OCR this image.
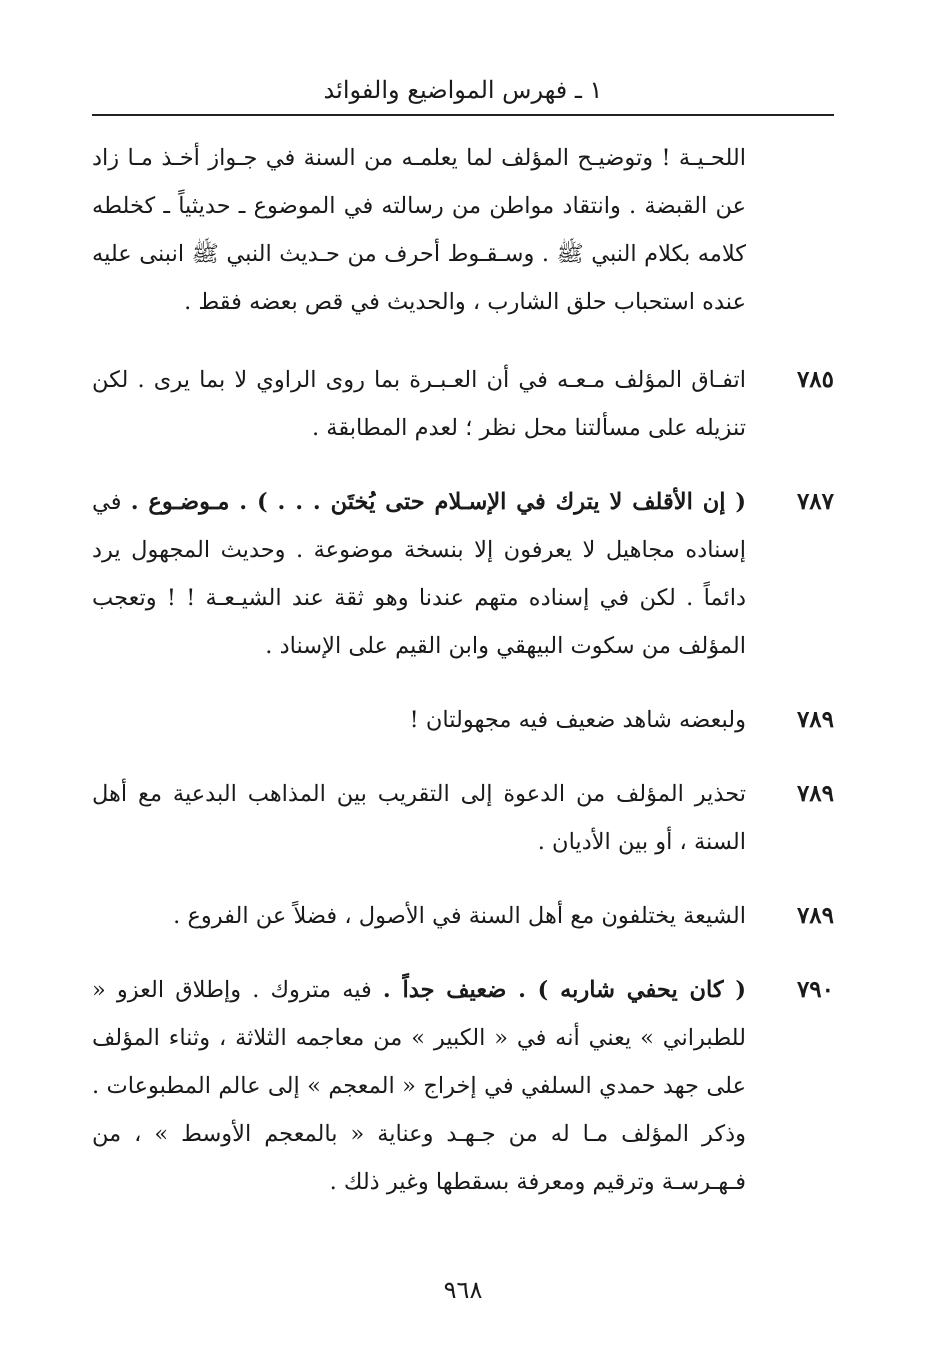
١ ـ فهرس المواضيع والفوائد
اللحـيـة ! وتوضيـح المؤلف لما يعلمـه من السنة في جـواز أخـذ مـا زاد عن القبضة . وانتقاد مواطن من رسالته في الموضوع ـ حديثياً ـ كخلطه كلامه بكلام النبي ﷺ . وسـقـوط أحرف من حـديث النبي ﷺ انبنى عليه عنده استحباب حلق الشارب ، والحديث في قص بعضه فقط .
٧٨٥
اتفـاق المؤلف مـعـه في أن العـبـرة بما روى الراوي لا بما يرى . لكن تنزيله على مسألتنا محل نظر ؛ لعدم المطابقة .
٧٨٧
( إن الأقلف لا يترك في الإسـلام حتى يُختَن . . . ) . مـوضـوع . في إسناده مجاهيل لا يعرفون إلا بنسخة موضوعة . وحديث المجهول يرد دائماً . لكن في إسناده متهم عندنا وهو ثقة عند الشيـعـة ! ! وتعجب المؤلف من سكوت البيهقي وابن القيم على الإسناد .
٧٨٩
ولبعضه شاهد ضعيف فيه مجهولتان !
٧٨٩
تحذير المؤلف من الدعوة إلى التقريب بين المذاهب البدعية مع أهل السنة ، أو بين الأديان .
٧٨٩
الشيعة يختلفون مع أهل السنة في الأصول ، فضلاً عن الفروع .
٧٩٠
( كان يحفي شاربه ) . ضعيف جداً . فيه متروك . وإطلاق العزو « للطبراني » يعني أنه في « الكبير » من معاجمه الثلاثة ، وثناء المؤلف على جهد حمدي السلفي في إخراج « المعجم » إلى عالم المطبوعات . وذكر المؤلف مـا له من جـهـد وعناية « بالمعجم الأوسط » ، من فـهـرسـة وترقيم ومعرفة بسقطها وغير ذلك .
٩٦٨
